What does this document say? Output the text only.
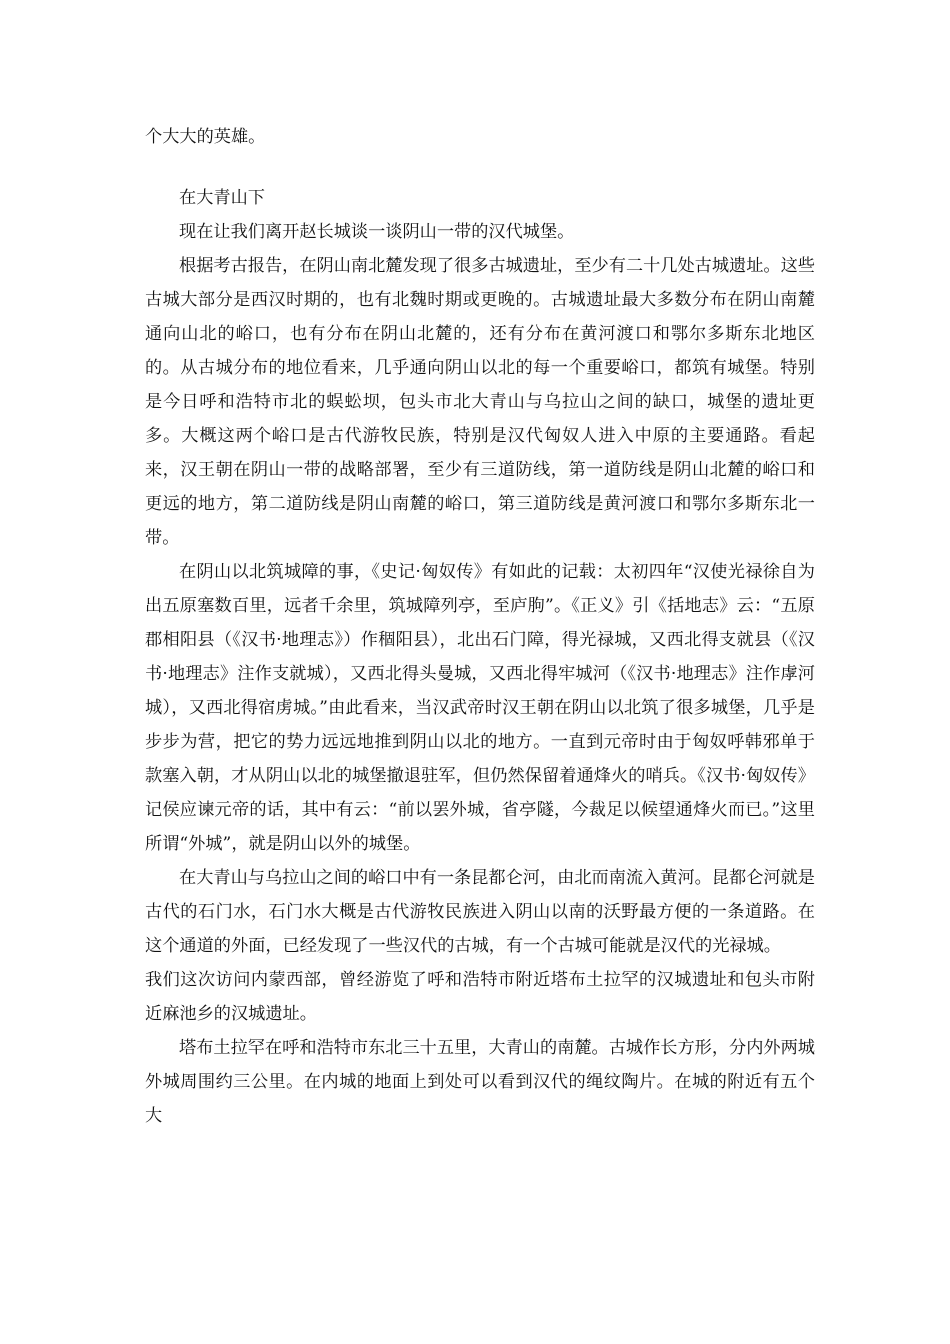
个大大的英雄。

在大青山下

现在让我们离开赵长城谈一谈阴山一带的汉代城堡。

根据考古报告，在阴山南北麓发现了很多古城遗址，至少有二十几处古城遗址。这些古城大部分是西汉时期的，也有北魏时期或更晚的。古城遗址最大多数分布在阴山南麓通向山北的峪口，也有分布在阴山北麓的，还有分布在黄河渡口和鄂尔多斯东北地区的。从古城分布的地位看来，几乎通向阴山以北的每一个重要峪口，都筑有城堡。特别是今日呼和浩特市北的蜈蚣坝，包头市北大青山与乌拉山之间的缺口，城堡的遗址更多。大概这两个峪口是古代游牧民族，特别是汉代匈奴人进入中原的主要通路。看起来，汉王朝在阴山一带的战略部署，至少有三道防线，第一道防线是阴山北麓的峪口和更远的地方，第二道防线是阴山南麓的峪口，第三道防线是黄河渡口和鄂尔多斯东北一带。

在阴山以北筑城障的事，《史记·匈奴传》有如此的记载：太初四年“汉使光禄徐自为出五原塞数百里，远者千余里，筑城障列亭，至庐朐”。《正义》引《括地志》云：“五原郡相阳县（《汉书·地理志》）作稒阳县），北出石门障，得光禄城，又西北得支就县（《汉书·地理志》注作支就城），又西北得头曼城，又西北得牢城河（《汉书·地理志》注作虖河城），又西北得宿虏城。”由此看来，当汉武帝时汉王朝在阴山以北筑了很多城堡，几乎是步步为营，把它的势力远远地推到阴山以北的地方。一直到元帝时由于匈奴呼韩邪单于款塞入朝，才从阴山以北的城堡撤退驻军，但仍然保留着通烽火的哨兵。《汉书·匈奴传》记侯应谏元帝的话，其中有云：“前以罢外城，省亭隧，今裁足以候望通烽火而已。”这里所谓“外城”，就是阴山以外的城堡。

在大青山与乌拉山之间的峪口中有一条昆都仑河，由北而南流入黄河。昆都仑河就是古代的石门水，石门水大概是古代游牧民族进入阴山以南的沃野最方便的一条道路。在这个通道的外面，已经发现了一些汉代的古城，有一个古城可能就是汉代的光禄城。

我们这次访问内蒙西部，曾经游览了呼和浩特市附近塔布土拉罕的汉城遗址和包头市附近麻池乡的汉城遗址。

塔布土拉罕在呼和浩特市东北三十五里，大青山的南麓。古城作长方形，分内外两城外城周围约三公里。在内城的地面上到处可以看到汉代的绳纹陶片。在城的附近有五个大
